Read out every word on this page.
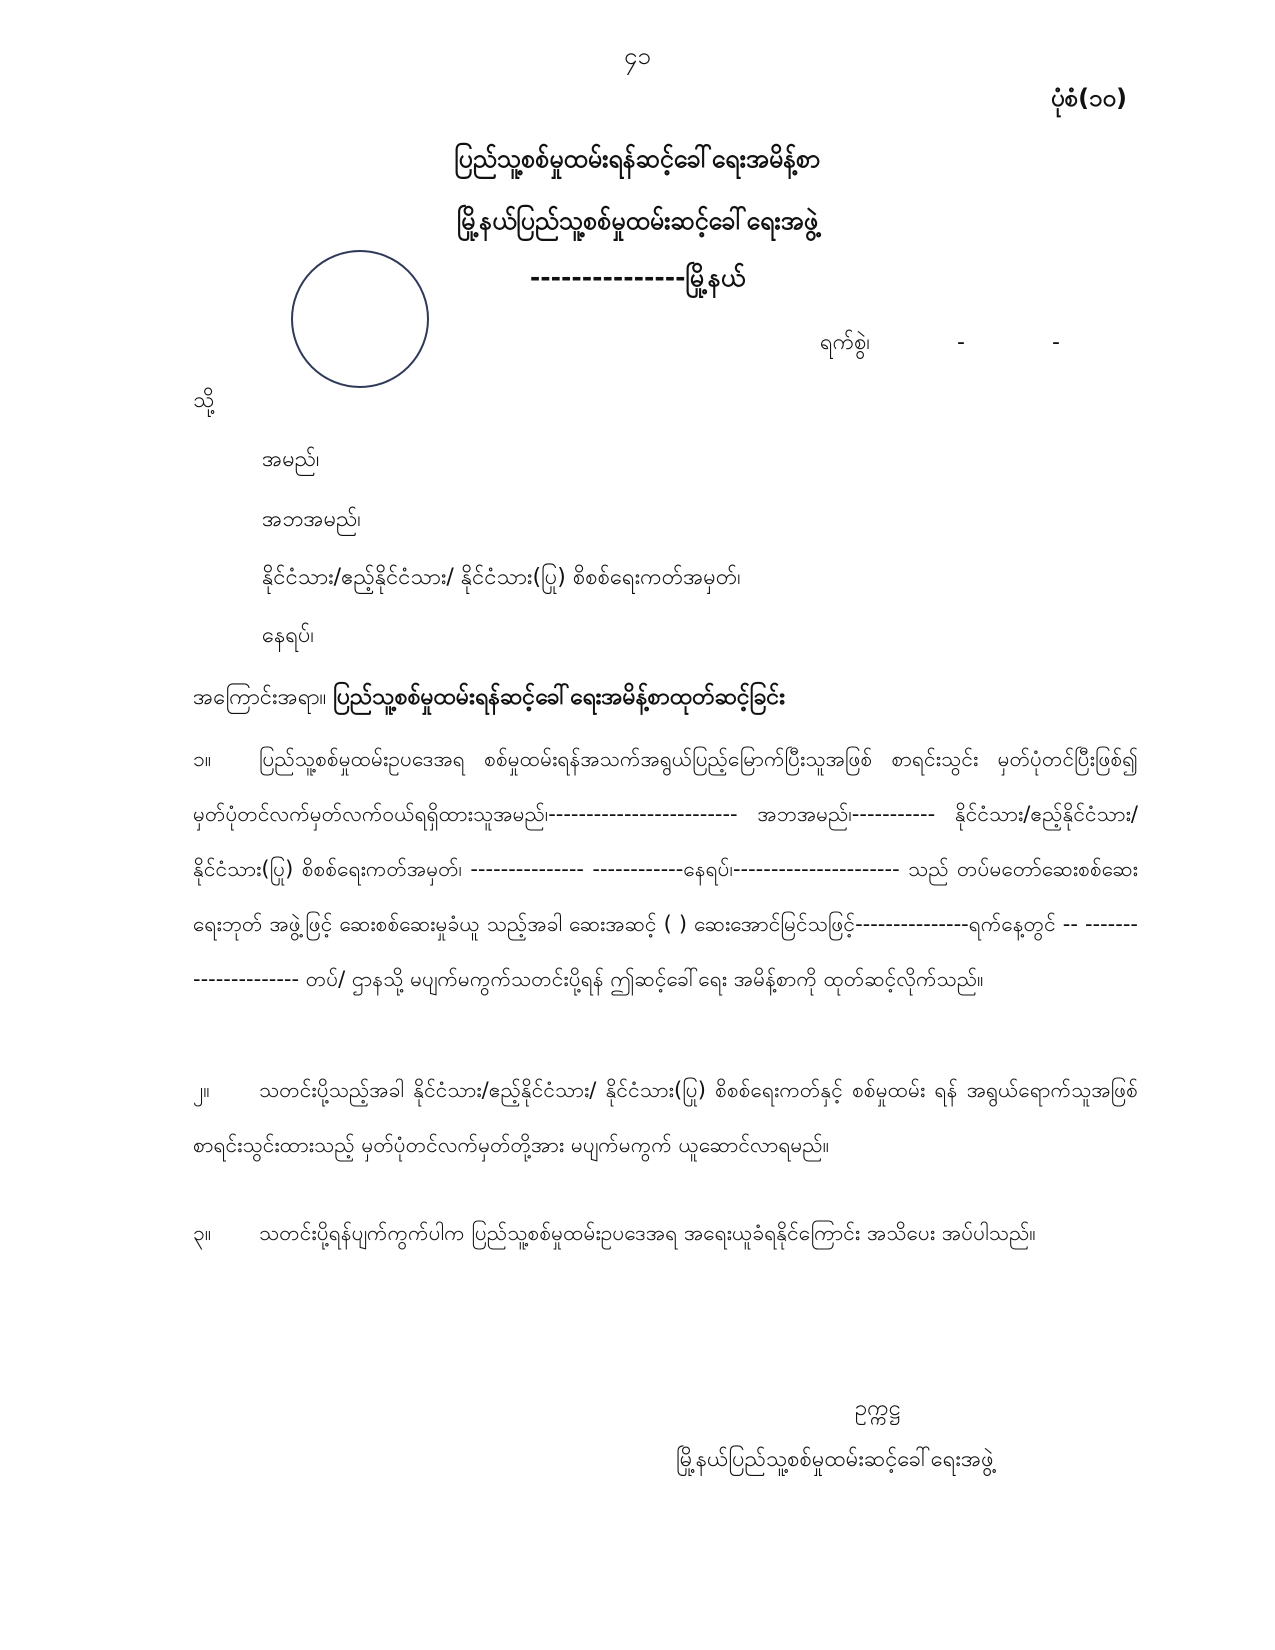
၄၁
ပုံစံ(၁၀)
ပြည်သူ့စစ်မှုထမ်းရန်ဆင့်ခေါ်ရေးအမိန့်စာ
မြို့နယ်ပြည်သူ့စစ်မှုထမ်းဆင့်ခေါ်ရေးအဖွဲ့
---------------မြို့နယ်
ရက်စွဲ၊	-	-
သို့
အမည်၊
အဘအမည်၊
နိုင်ငံသား/ဧည့်နိုင်ငံသား/ နိုင်ငံသား(ပြု) စိစစ်ရေးကတ်အမှတ်၊
နေရပ်၊
အကြောင်းအရာ။ ပြည်သူ့စစ်မှုထမ်းရန်ဆင့်ခေါ်ရေးအမိန့်စာထုတ်ဆင့်ခြင်း
၁။ ပြည်သူ့စစ်မှုထမ်းဥပဒေအရ စစ်မှုထမ်းရန်အသက်အရွယ်ပြည့်မြောက်ပြီးသူအဖြစ် စာရင်းသွင်း မှတ်ပုံတင်ပြီးဖြစ်၍ မှတ်ပုံတင်လက်မှတ်လက်ဝယ်ရရှိထားသူအမည်၊------------------------- အဘအမည်၊----------- နိုင်ငံသား/ဧည့်နိုင်ငံသား/ နိုင်ငံသား(ပြု) စိစစ်ရေးကတ်အမှတ်၊ --------------- ------------နေရပ်၊---------------------- သည် တပ်မတော်ဆေးစစ်ဆေးရေးဘုတ် အဖွဲ့ဖြင့် ဆေးစစ်ဆေးမှုခံယူ သည့်အခါ ဆေးအဆင့် ( ) ဆေးအောင်မြင်သဖြင့်---------------ရက်နေ့တွင် -- --------------------- တပ်/ ဌာနသို့ မပျက်မကွက်သတင်းပို့ရန် ဤဆင့်ခေါ်ရေး အမိန့်စာကို ထုတ်ဆင့်လိုက်သည်။
၂။ သတင်းပို့သည့်အခါ နိုင်ငံသား/ဧည့်နိုင်ငံသား/ နိုင်ငံသား(ပြု) စိစစ်ရေးကတ်နှင့် စစ်မှုထမ်း ရန် အရွယ်ရောက်သူအဖြစ် စာရင်းသွင်းထားသည့် မှတ်ပုံတင်လက်မှတ်တို့အား မပျက်မကွက် ယူဆောင်လာရမည်။
၃။ သတင်းပို့ရန်ပျက်ကွက်ပါက ပြည်သူ့စစ်မှုထမ်းဥပဒေအရ အရေးယူခံရနိုင်ကြောင်း အသိပေး အပ်ပါသည်။
ဥက္ကဋ္ဌ
မြို့နယ်ပြည်သူ့စစ်မှုထမ်းဆင့်ခေါ်ရေးအဖွဲ့
